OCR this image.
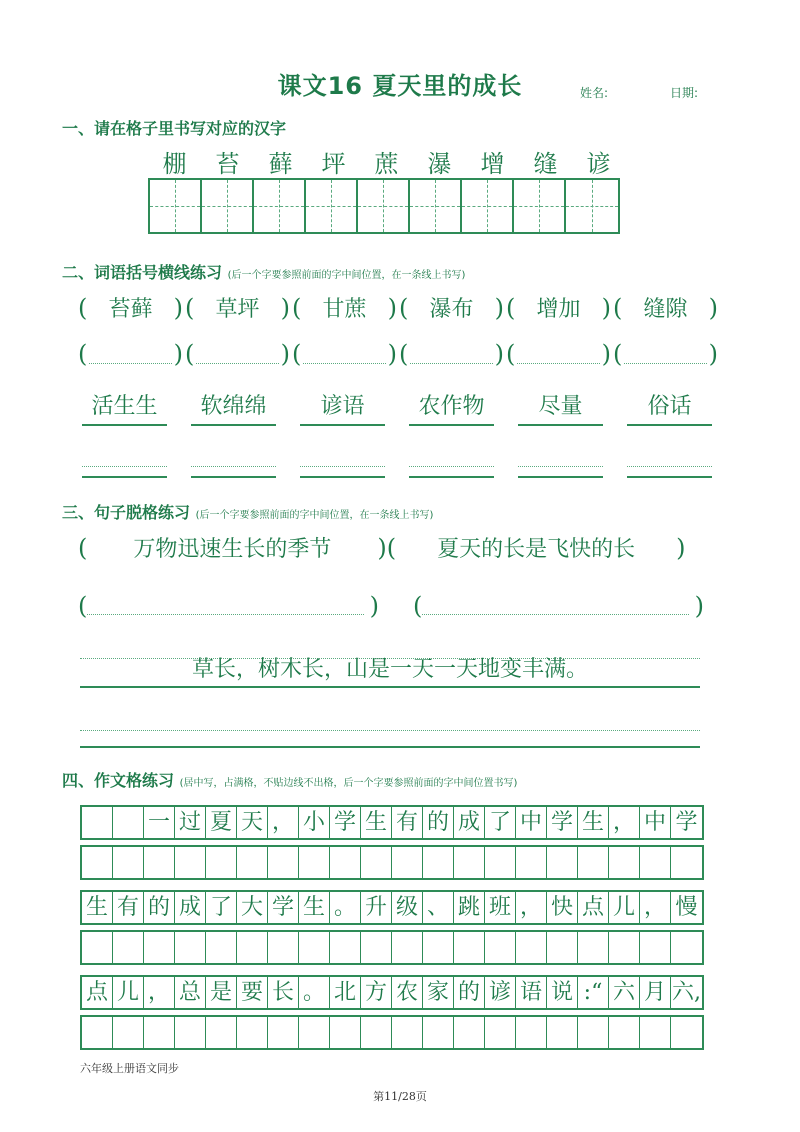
课文16 夏天里的成长	姓名:	日期:
一、请在格子里书写对应的汉字
棚	苔	藓	坪	蔗	瀑	增	缝	谚
二、词语括号横线练习 (后一个字要参照前面的字中间位置，在一条线上书写)
( 苔藓 ) ( 草坪 ) ( 甘蔗 ) ( 瀑布 ) ( 增加 ) ( 缝隙 )
(	) (	) (	) (	) (	) (	)
活生生	软绵绵	谚语	农作物	尽量	俗话
三、句子脱格练习 (后一个字要参照前面的字中间位置，在一条线上书写)
(	万物迅速生长的季节	)(	夏天的长是飞快的长	)
(	) (	)
草长，树木长，山是一天一天地变丰满。
四、作文格练习 (居中写，占满格，不贴边线不出格，后一个字要参照前面的字中间位置书写)
一 过 夏 天 ， 小 学 生 有 的 成 了 中 学 生 ， 中 学
生 有 的 成 了 大 学 生 。 升 级 、 跳 班 ， 快 点 儿 ， 慢
点 儿 ， 总 是 要 长 。 北 方 农 家 的 谚 语 说 :“ 六 月 六,
六年级上册语文同步
第11/28页
